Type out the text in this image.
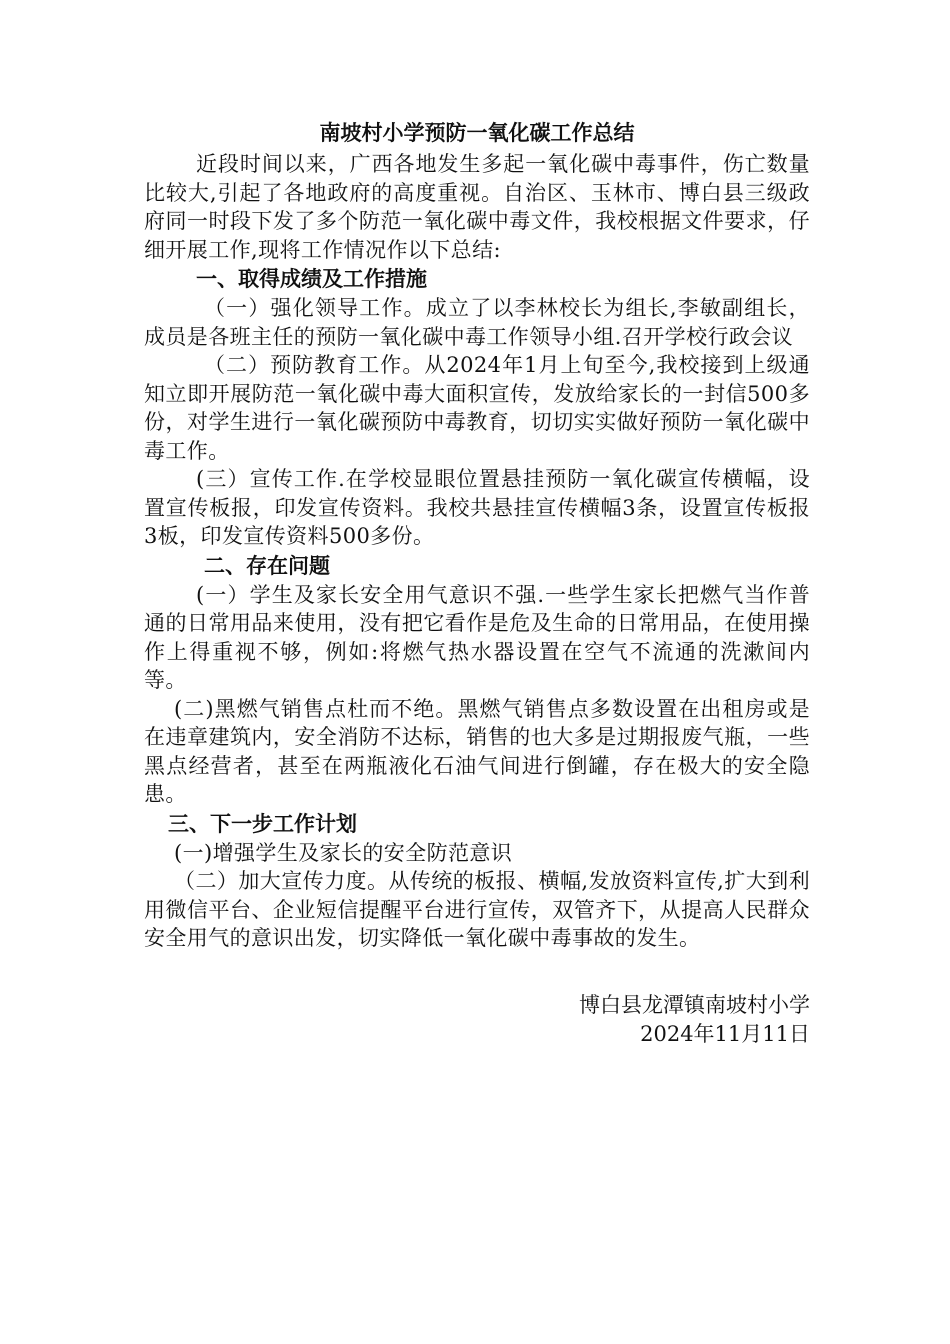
南坡村小学预防一氧化碳工作总结

近段时间以来，广西各地发生多起一氧化碳中毒事件，伤亡数量比较大,引起了各地政府的高度重视。自治区、玉林市、博白县三级政府同一时段下发了多个防范一氧化碳中毒文件，我校根据文件要求，仔细开展工作,现将工作情况作以下总结:

一、取得成绩及工作措施

（一）强化领导工作。成立了以李林校长为组长,李敏副组长，成员是各班主任的预防一氧化碳中毒工作领导小组.召开学校行政会议

（二）预防教育工作。从2024年1月上旬至今,我校接到上级通知立即开展防范一氧化碳中毒大面积宣传，发放给家长的一封信500多份，对学生进行一氧化碳预防中毒教育，切切实实做好预防一氧化碳中毒工作。

(三）宣传工作.在学校显眼位置悬挂预防一氧化碳宣传横幅，设置宣传板报，印发宣传资料。我校共悬挂宣传横幅3条，设置宣传板报3板，印发宣传资料500多份。

二、存在问题

(一）学生及家长安全用气意识不强.一些学生家长把燃气当作普通的日常用品来使用，没有把它看作是危及生命的日常用品，在使用操作上得重视不够，例如:将燃气热水器设置在空气不流通的洗漱间内等。

(二)黑燃气销售点杜而不绝。黑燃气销售点多数设置在出租房或是在违章建筑内，安全消防不达标，销售的也大多是过期报废气瓶，一些黑点经营者，甚至在两瓶液化石油气间进行倒罐，存在极大的安全隐患。

三、下一步工作计划

(一)增强学生及家长的安全防范意识

（二）加大宣传力度。从传统的板报、横幅,发放资料宣传,扩大到利用微信平台、企业短信提醒平台进行宣传，双管齐下，从提高人民群众安全用气的意识出发，切实降低一氧化碳中毒事故的发生。

博白县龙潭镇南坡村小学
2024年11月11日
